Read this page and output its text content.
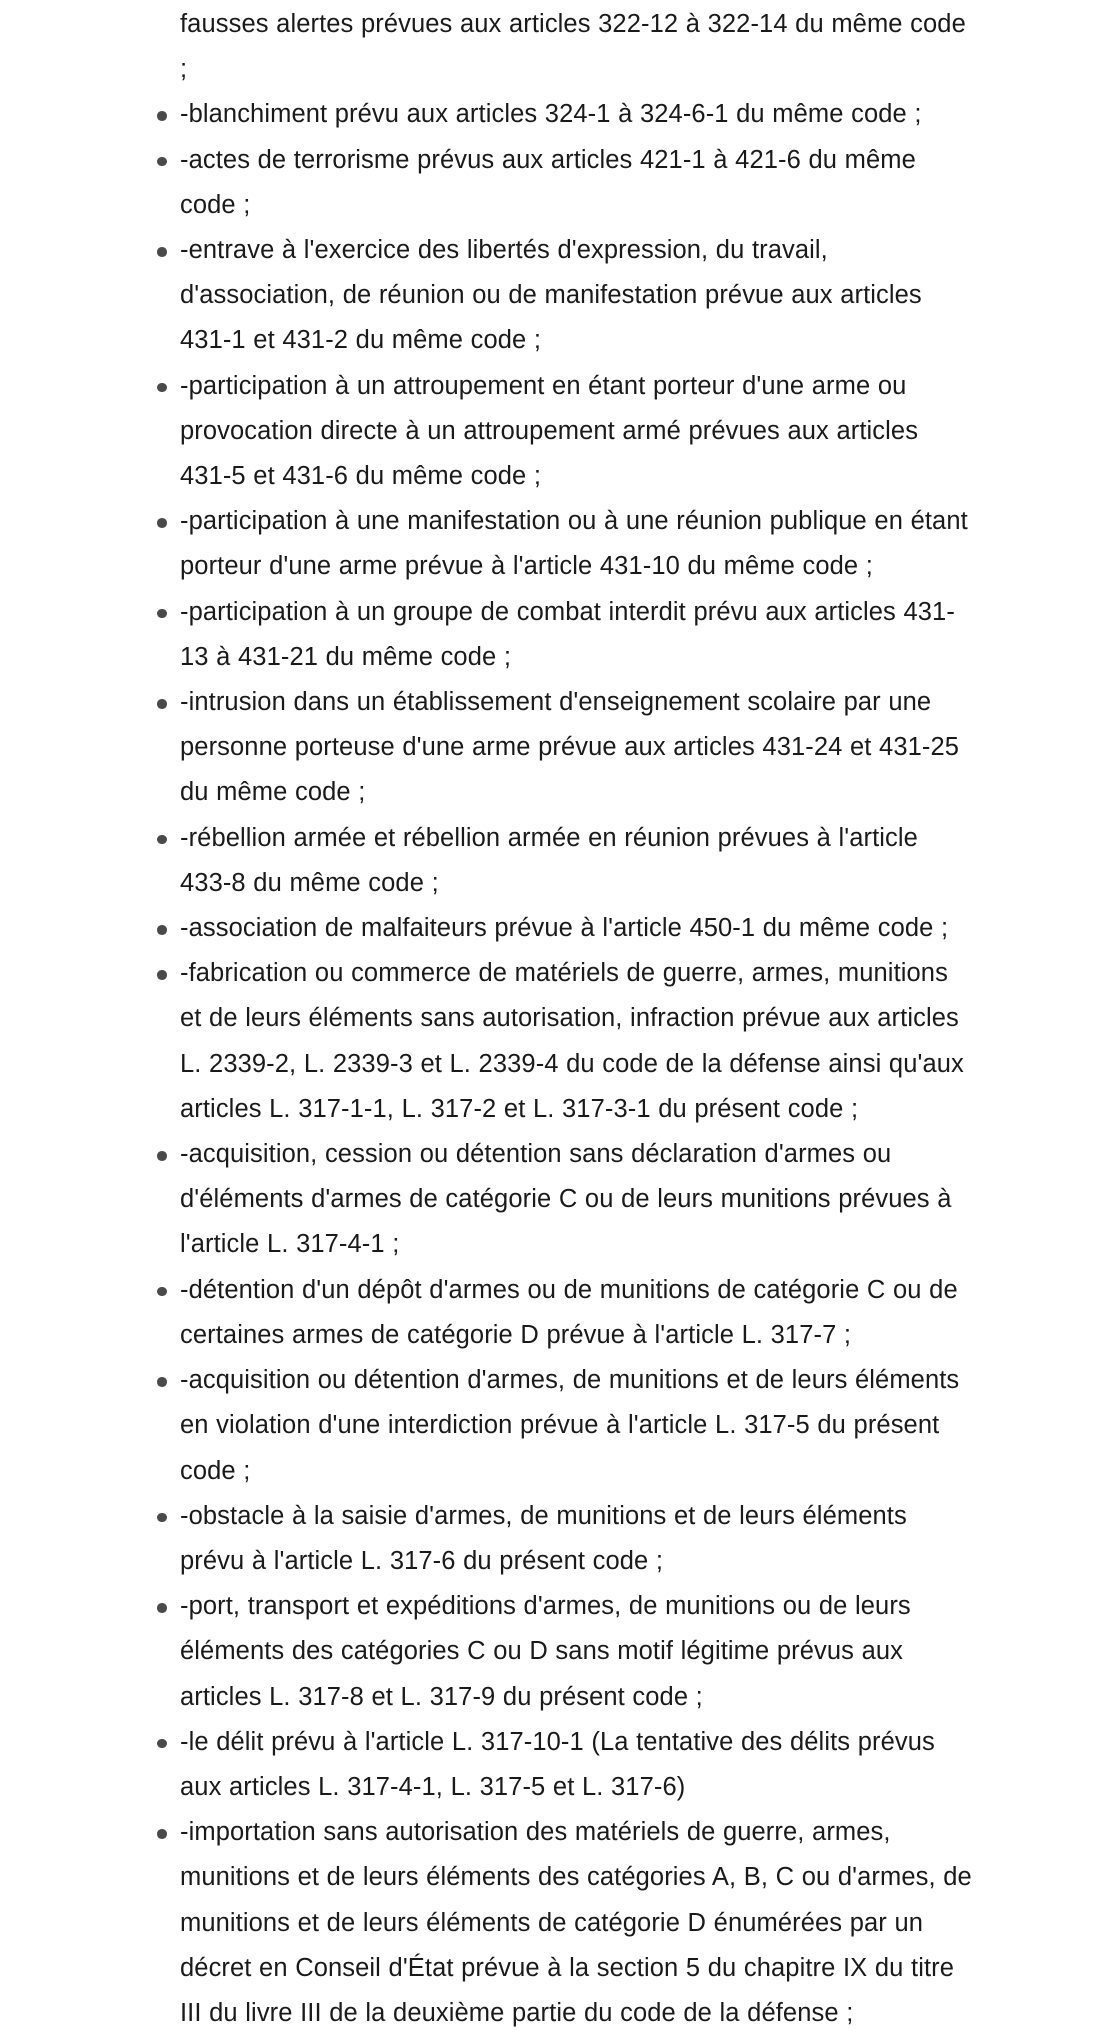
fausses alertes prévues aux articles 322-12 à 322-14 du même code ;

-blanchiment prévu aux articles 324-1 à 324-6-1 du même code ;
-actes de terrorisme prévus aux articles 421-1 à 421-6 du même code ;
-entrave à l'exercice des libertés d'expression, du travail, d'association, de réunion ou de manifestation prévue aux articles 431-1 et 431-2 du même code ;
-participation à un attroupement en étant porteur d'une arme ou provocation directe à un attroupement armé prévues aux articles 431-5 et 431-6 du même code ;
-participation à une manifestation ou à une réunion publique en étant porteur d'une arme prévue à l'article 431-10 du même code ;
-participation à un groupe de combat interdit prévu aux articles 431-13 à 431-21 du même code ;
-intrusion dans un établissement d'enseignement scolaire par une personne porteuse d'une arme prévue aux articles 431-24 et 431-25 du même code ;
-rébellion armée et rébellion armée en réunion prévues à l'article 433-8 du même code ;
-association de malfaiteurs prévue à l'article 450-1 du même code ;
-fabrication ou commerce de matériels de guerre, armes, munitions et de leurs éléments sans autorisation, infraction prévue aux articles L. 2339-2, L. 2339-3 et L. 2339-4 du code de la défense ainsi qu'aux articles L. 317-1-1, L. 317-2 et L. 317-3-1 du présent code ;
-acquisition, cession ou détention sans déclaration d'armes ou d'éléments d'armes de catégorie C ou de leurs munitions prévues à l'article L. 317-4-1 ;
-détention d'un dépôt d'armes ou de munitions de catégorie C ou de certaines armes de catégorie D prévue à l'article L. 317-7 ;
-acquisition ou détention d'armes, de munitions et de leurs éléments en violation d'une interdiction prévue à l'article L. 317-5 du présent code ;
-obstacle à la saisie d'armes, de munitions et de leurs éléments prévu à l'article L. 317-6 du présent code ;
-port, transport et expéditions d'armes, de munitions ou de leurs éléments des catégories C ou D sans motif légitime prévus aux articles L. 317-8 et L. 317-9 du présent code ;
-le délit prévu à l'article L. 317-10-1 (La tentative des délits prévus aux articles L. 317-4-1, L. 317-5 et L. 317-6)
-importation sans autorisation des matériels de guerre, armes, munitions et de leurs éléments des catégories A, B, C ou d'armes, de munitions et de leurs éléments de catégorie D énumérées par un décret en Conseil d'État prévue à la section 5 du chapitre IX du titre III du livre III de la deuxième partie du code de la défense ;
